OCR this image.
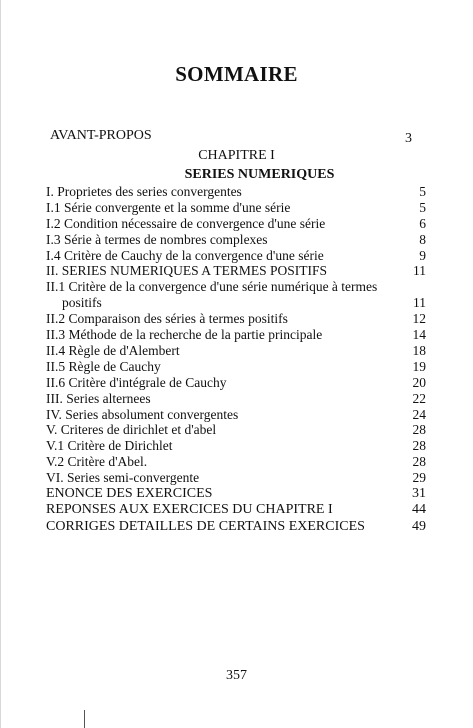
SOMMAIRE
AVANT-PROPOS	3
CHAPITRE I
SERIES NUMERIQUES
I. Proprietes des series convergentes	5
I.1 Série convergente et la somme d'une série	5
I.2 Condition nécessaire de convergence d'une série	6
I.3 Série à termes de nombres complexes	8
I.4 Critère de Cauchy de la convergence d'une série	9
II. SERIES NUMERIQUES A TERMES POSITIFS	11
II.1 Critère de la convergence d'une série numérique à termes
positifs	11
II.2 Comparaison des séries à termes positifs	12
II.3 Méthode de la recherche de la partie principale	14
II.4 Règle de d'Alembert	18
II.5 Règle de Cauchy	19
II.6 Critère d'intégrale de Cauchy	20
III. Series alternees	22
IV. Series absolument convergentes	24
V. Criteres de dirichlet et d'abel	28
V.1 Critère de Dirichlet	28
V.2 Critère d'Abel.	28
VI. Series semi-convergente	29
ENONCE DES EXERCICES	31
REPONSES AUX EXERCICES DU CHAPITRE I	44
CORRIGES DETAILLES DE CERTAINS EXERCICES	49
357
